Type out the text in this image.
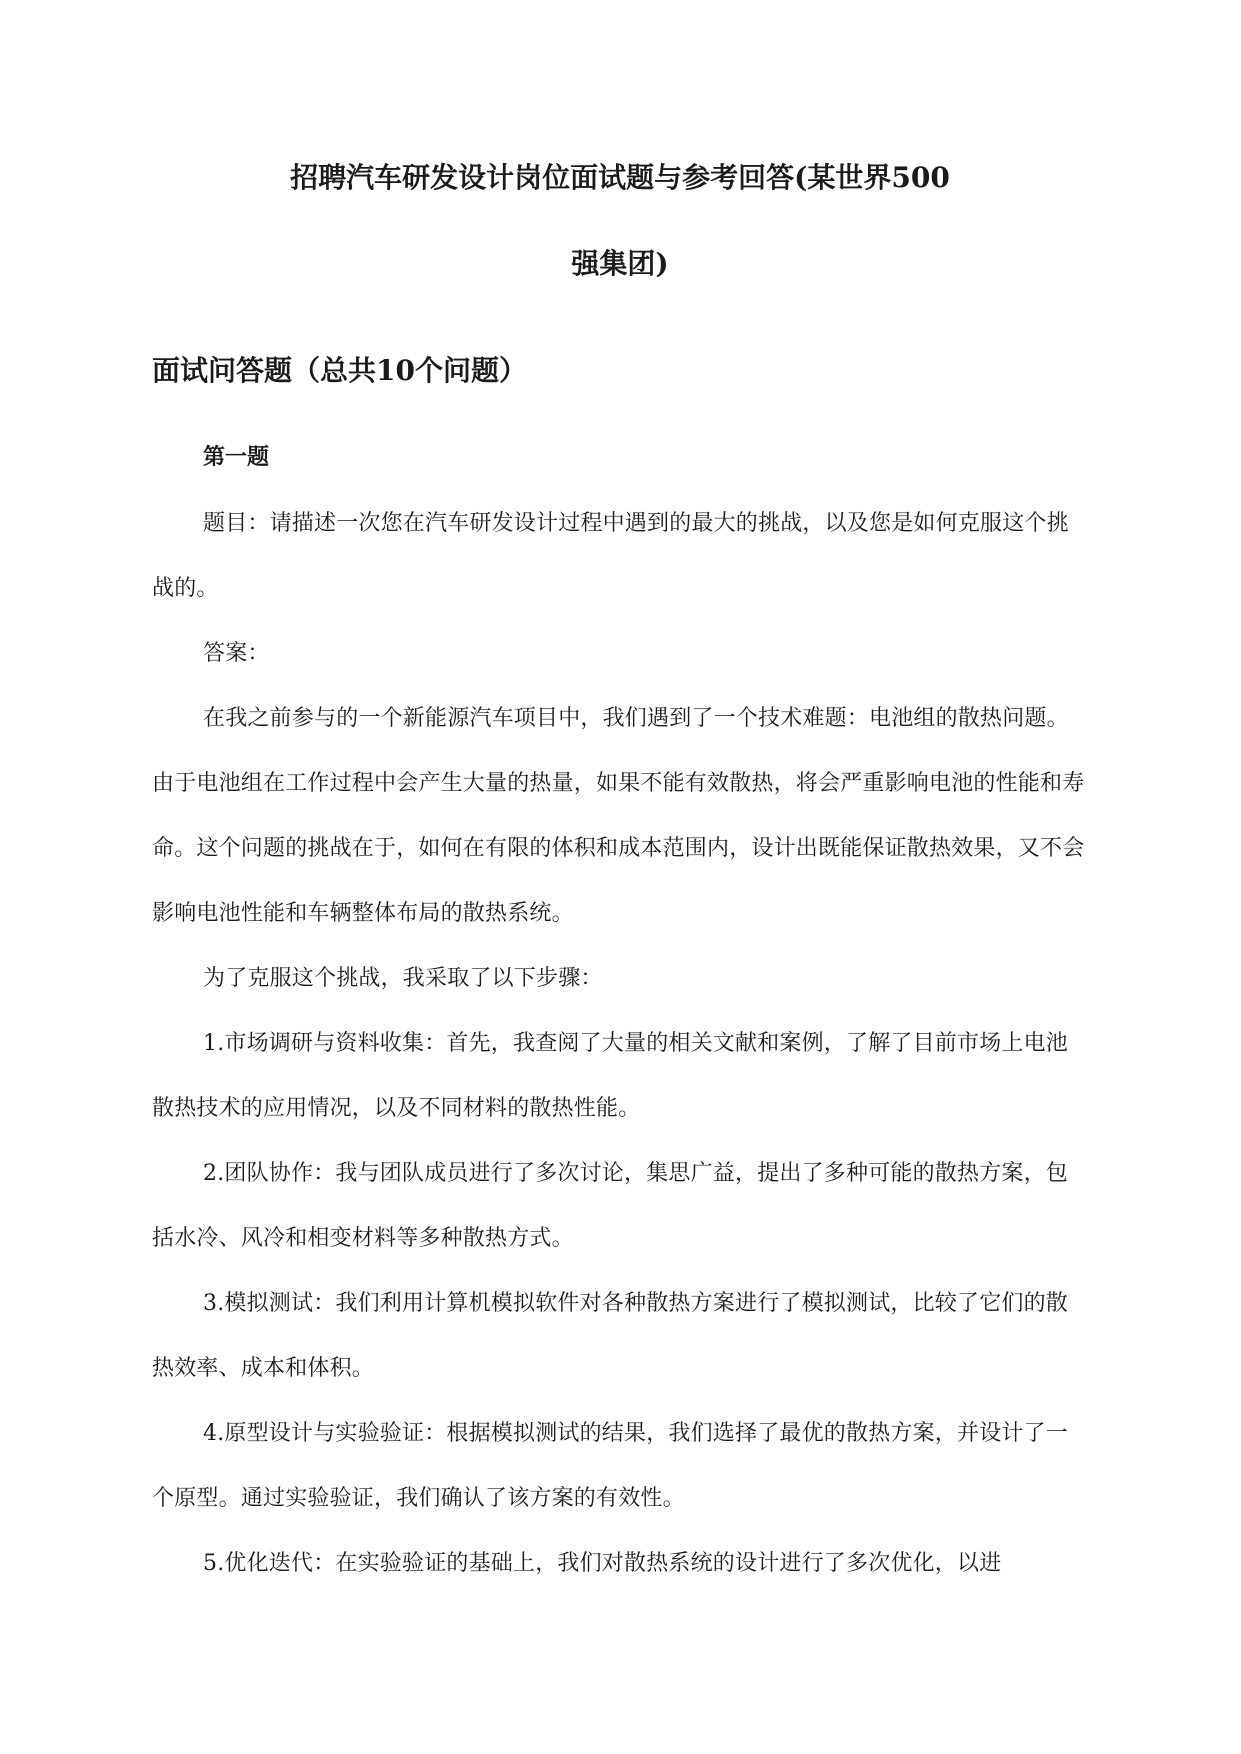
招聘汽车研发设计岗位面试题与参考回答(某世界500
强集团)
面试问答题（总共10个问题）
第一题

题目：请描述一次您在汽车研发设计过程中遇到的最大的挑战，以及您是如何克服这个挑战的。

答案：

在我之前参与的一个新能源汽车项目中，我们遇到了一个技术难题：电池组的散热问题。由于电池组在工作过程中会产生大量的热量，如果不能有效散热，将会严重影响电池的性能和寿命。这个问题的挑战在于，如何在有限的体积和成本范围内，设计出既能保证散热效果，又不会影响电池性能和车辆整体布局的散热系统。

为了克服这个挑战，我采取了以下步骤：

1.市场调研与资料收集：首先，我查阅了大量的相关文献和案例，了解了目前市场上电池散热技术的应用情况，以及不同材料的散热性能。

2.团队协作：我与团队成员进行了多次讨论，集思广益，提出了多种可能的散热方案，包括水冷、风冷和相变材料等多种散热方式。

3.模拟测试：我们利用计算机模拟软件对各种散热方案进行了模拟测试，比较了它们的散热效率、成本和体积。

4.原型设计与实验验证：根据模拟测试的结果，我们选择了最优的散热方案，并设计了一个原型。通过实验验证，我们确认了该方案的有效性。

5.优化迭代：在实验验证的基础上，我们对散热系统的设计进行了多次优化，以进
